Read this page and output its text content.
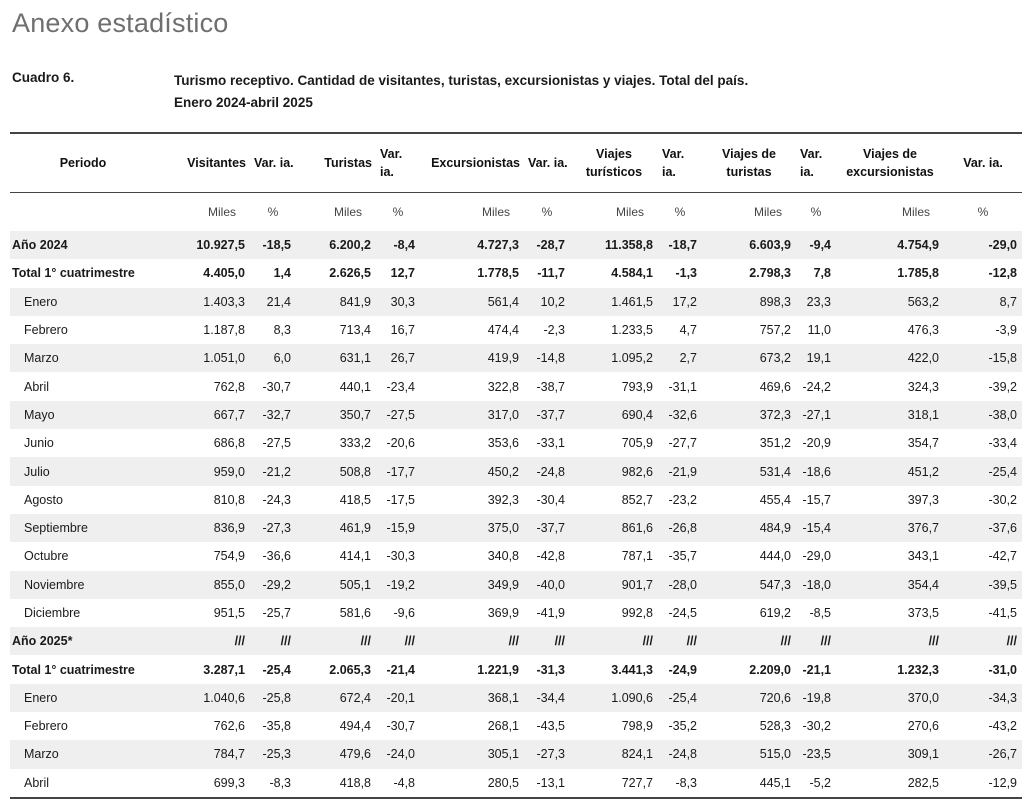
Anexo estadístico
Cuadro 6.	Turismo receptivo. Cantidad de visitantes, turistas, excursionistas y viajes. Total del país.
Enero 2024-abril 2025
Periodo	Visitantes	Var. ia.	Turistas	Var. ia.	Excursionistas	Var. ia.	Viajes turísticos	Var. ia.	Viajes de turistas	Var. ia.	Viajes de excursionistas	Var. ia.
	Miles	%	Miles	%	Miles	%	Miles	%	Miles	%	Miles	%
Año 2024	10.927,5	-18,5	6.200,2	-8,4	4.727,3	-28,7	11.358,8	-18,7	6.603,9	-9,4	4.754,9	-29,0
Total 1° cuatrimestre	4.405,0	1,4	2.626,5	12,7	1.778,5	-11,7	4.584,1	-1,3	2.798,3	7,8	1.785,8	-12,8
Enero	1.403,3	21,4	841,9	30,3	561,4	10,2	1.461,5	17,2	898,3	23,3	563,2	8,7
Febrero	1.187,8	8,3	713,4	16,7	474,4	-2,3	1.233,5	4,7	757,2	11,0	476,3	-3,9
Marzo	1.051,0	6,0	631,1	26,7	419,9	-14,8	1.095,2	2,7	673,2	19,1	422,0	-15,8
Abril	762,8	-30,7	440,1	-23,4	322,8	-38,7	793,9	-31,1	469,6	-24,2	324,3	-39,2
Mayo	667,7	-32,7	350,7	-27,5	317,0	-37,7	690,4	-32,6	372,3	-27,1	318,1	-38,0
Junio	686,8	-27,5	333,2	-20,6	353,6	-33,1	705,9	-27,7	351,2	-20,9	354,7	-33,4
Julio	959,0	-21,2	508,8	-17,7	450,2	-24,8	982,6	-21,9	531,4	-18,6	451,2	-25,4
Agosto	810,8	-24,3	418,5	-17,5	392,3	-30,4	852,7	-23,2	455,4	-15,7	397,3	-30,2
Septiembre	836,9	-27,3	461,9	-15,9	375,0	-37,7	861,6	-26,8	484,9	-15,4	376,7	-37,6
Octubre	754,9	-36,6	414,1	-30,3	340,8	-42,8	787,1	-35,7	444,0	-29,0	343,1	-42,7
Noviembre	855,0	-29,2	505,1	-19,2	349,9	-40,0	901,7	-28,0	547,3	-18,0	354,4	-39,5
Diciembre	951,5	-25,7	581,6	-9,6	369,9	-41,9	992,8	-24,5	619,2	-8,5	373,5	-41,5
Año 2025*	///	///	///	///	///	///	///	///	///	///	///	///
Total 1° cuatrimestre	3.287,1	-25,4	2.065,3	-21,4	1.221,9	-31,3	3.441,3	-24,9	2.209,0	-21,1	1.232,3	-31,0
Enero	1.040,6	-25,8	672,4	-20,1	368,1	-34,4	1.090,6	-25,4	720,6	-19,8	370,0	-34,3
Febrero	762,6	-35,8	494,4	-30,7	268,1	-43,5	798,9	-35,2	528,3	-30,2	270,6	-43,2
Marzo	784,7	-25,3	479,6	-24,0	305,1	-27,3	824,1	-24,8	515,0	-23,5	309,1	-26,7
Abril	699,3	-8,3	418,8	-4,8	280,5	-13,1	727,7	-8,3	445,1	-5,2	282,5	-12,9
